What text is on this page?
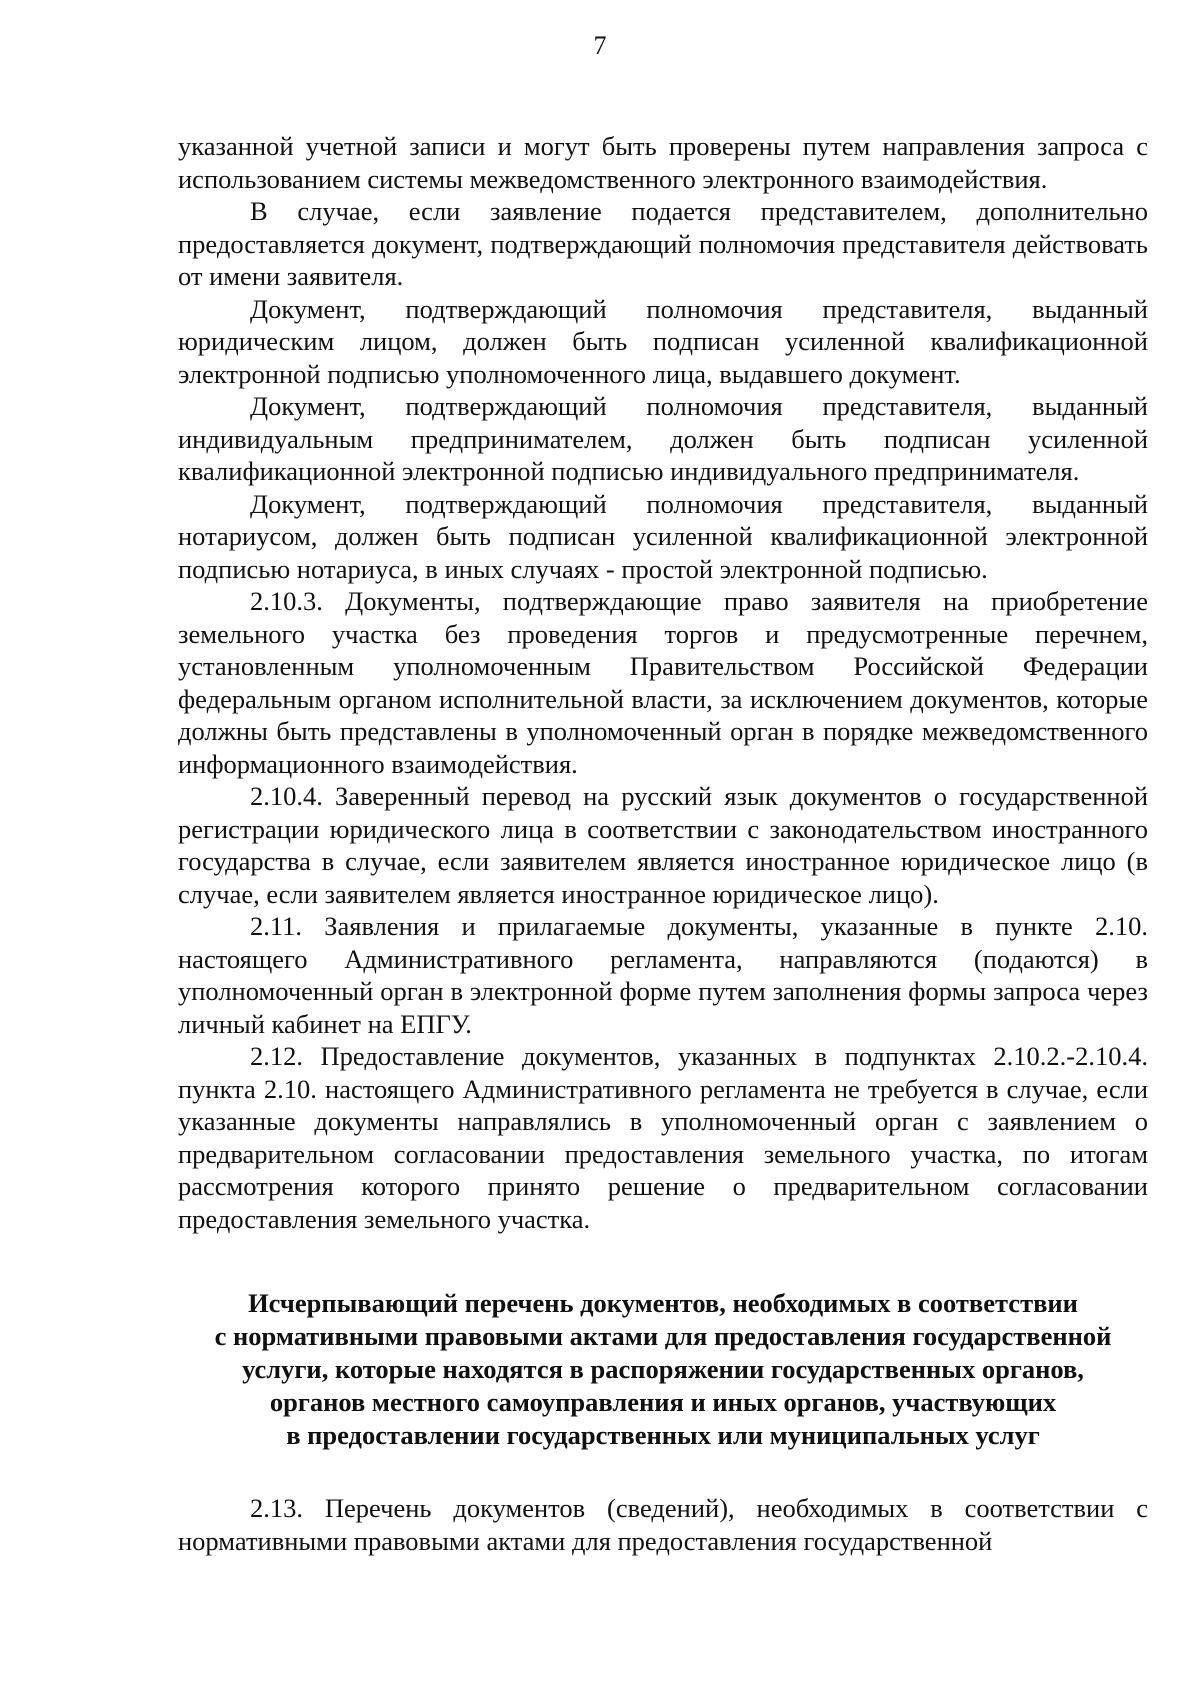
7

указанной учетной записи и могут быть проверены путем направления запроса с использованием системы межведомственного электронного взаимодействия.

В случае, если заявление подается представителем, дополнительно предоставляется документ, подтверждающий полномочия представителя действовать от имени заявителя.

Документ, подтверждающий полномочия представителя, выданный юридическим лицом, должен быть подписан усиленной квалификационной электронной подписью уполномоченного лица, выдавшего документ.

Документ, подтверждающий полномочия представителя, выданный индивидуальным предпринимателем, должен быть подписан усиленной квалификационной электронной подписью индивидуального предпринимателя.

Документ, подтверждающий полномочия представителя, выданный нотариусом, должен быть подписан усиленной квалификационной электронной подписью нотариуса, в иных случаях - простой электронной подписью.

2.10.3. Документы, подтверждающие право заявителя на приобретение земельного участка без проведения торгов и предусмотренные перечнем, установленным уполномоченным Правительством Российской Федерации федеральным органом исполнительной власти, за исключением документов, которые должны быть представлены в уполномоченный орган в порядке межведомственного информационного взаимодействия.

2.10.4. Заверенный перевод на русский язык документов о государственной регистрации юридического лица в соответствии с законодательством иностранного государства в случае, если заявителем является иностранное юридическое лицо (в случае, если заявителем является иностранное юридическое лицо).

2.11. Заявления и прилагаемые документы, указанные в пункте 2.10. настоящего Административного регламента, направляются (подаются) в уполномоченный орган в электронной форме путем заполнения формы запроса через личный кабинет на ЕПГУ.

2.12. Предоставление документов, указанных в подпунктах 2.10.2.-2.10.4. пункта 2.10. настоящего Административного регламента не требуется в случае, если указанные документы направлялись в уполномоченный орган с заявлением о предварительном согласовании предоставления земельного участка, по итогам рассмотрения которого принято решение о предварительном согласовании предоставления земельного участка.

Исчерпывающий перечень документов, необходимых в соответствии
с нормативными правовыми актами для предоставления государственной
услуги, которые находятся в распоряжении государственных органов,
органов местного самоуправления и иных органов, участвующих
в предоставлении государственных или муниципальных услуг

2.13. Перечень документов (сведений), необходимых в соответствии с нормативными правовыми актами для предоставления государственной
